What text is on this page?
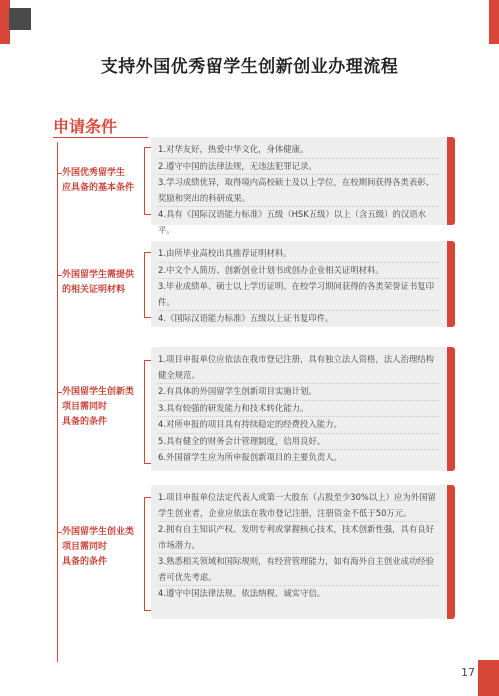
支持外国优秀留学生创新创业办理流程
申请条件
外国优秀留学生
应具备的基本条件

1.对华友好，热爱中华文化，身体健康。

2.遵守中国的法律法规，无违法犯罪记录。

3.学习成绩优异，取得境内高校硕士及以上学位，在校期间获得各类表彰、奖励和突出的科研成果。

4.具有《国际汉语能力标准》五级（HSK五级）以上（含五级）的汉语水平。

外国留学生需提供
的相关证明材料

1.由所毕业高校出具推荐证明材料。

2.中文个人简历、创新创业计划书或创办企业相关证明材料。

3.毕业成绩单、硕士以上学历证明、在校学习期间获得的各类荣誉证书复印件。

4.《国际汉语能力标准》五级以上证书复印件。

外国留学生创新类
项目需同时
具备的条件

1.项目申报单位应依法在我市登记注册，具有独立法人资格，法人治理结构健全规范。

2.有具体的外国留学生创新项目实施计划。

3.具有较强的研发能力和技术转化能力。

4.对所申报的项目具有持续稳定的经费投入能力。

5.具有健全的财务会计管理制度，信用良好。

6.外国留学生应为所申报创新项目的主要负责人。

外国留学生创业类
项目需同时
具备的条件

1.项目申报单位法定代表人或第一大股东（占股至少30%以上）应为外国留学生创业者，企业应依法在我市登记注册，注册资金不低于50万元。

2.拥有自主知识产权、发明专利或掌握核心技术，技术创新性强，具有良好市场潜力。

3.熟悉相关领域和国际规则，有经营管理能力，如有海外自主创业成功经验者可优先考虑。

4.遵守中国法律法规、依法纳税、诚实守信。

17
